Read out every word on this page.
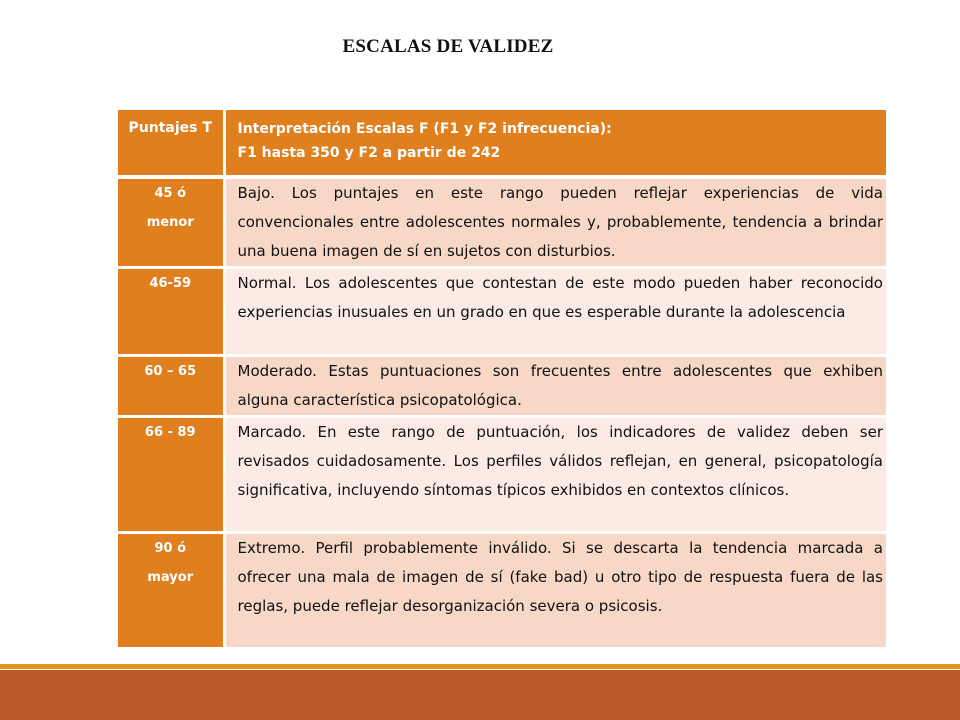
ESCALAS DE VALIDEZ
Puntajes T	Interpretación Escalas F (F1 y F2 infrecuencia):
F1 hasta 350 y F2 a partir de 242

45 ó menor	Bajo. Los puntajes en este rango pueden reflejar experiencias de vida convencionales entre adolescentes normales y, probablemente, tendencia a brindar una buena imagen de sí en sujetos con disturbios.
46-59	Normal. Los adolescentes que contestan de este modo pueden haber reconocido experiencias inusuales en un grado en que es esperable durante la adolescencia
60 – 65	Moderado. Estas puntuaciones son frecuentes entre adolescentes que exhiben alguna característica psicopatológica.
66 - 89	Marcado. En este rango de puntuación, los indicadores de validez deben ser revisados cuidadosamente. Los perfiles válidos reflejan, en general, psicopatología significativa, incluyendo síntomas típicos exhibidos en contextos clínicos.
90 ó mayor	Extremo. Perfil probablemente inválido. Si se descarta la tendencia marcada a ofrecer una mala de imagen de sí (fake bad) u otro tipo de respuesta fuera de las reglas, puede reflejar desorganización severa o psicosis.
